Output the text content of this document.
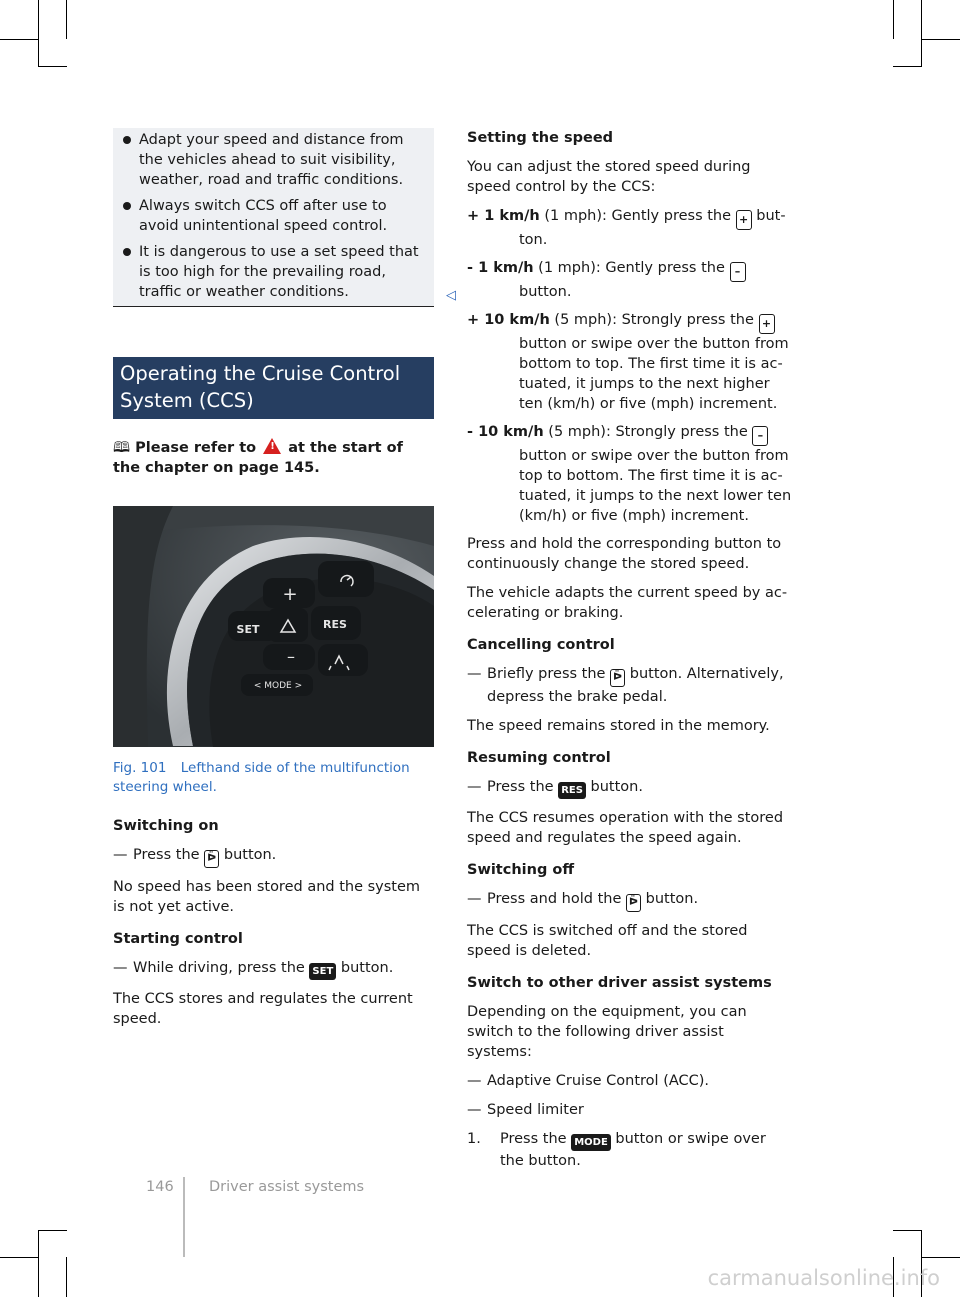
Adapt your speed and distance from the vehicles ahead to suit visibility, weather, road and traffic conditions.
Always switch CCS off after use to avoid unintentional speed control.
It is dangerous to use a set speed that is too high for the prevailing road, traffic or weather conditions.	◁
Operating the Cruise Control System (CCS)
🕮 Please refer to ! at the start of the chapter on page 145.
+
–
SET	RES
< MODE >
Fig. 101 Lefthand side of the multifunction steering wheel.
Switching on
— Press the ᐇ button.

No speed has been stored and the system is not yet active.

Starting control
— While driving, press the SET button.

The CCS stores and regulates the current speed.

Setting the speed

You can adjust the stored speed during speed control by the CCS:

+ 1 km/h (1 mph): Gently press the + button.
- 1 km/h (1 mph): Gently press the – button.
+ 10 km/h (5 mph): Strongly press the + button or swipe over the button from bottom to top. The first time it is actuated, it jumps to the next higher ten (km/h) or five (mph) increment.
- 10 km/h (5 mph): Strongly press the – button or swipe over the button from top to bottom. The first time it is actuated, it jumps to the next lower ten (km/h) or five (mph) increment.

Press and hold the corresponding button to continuously change the stored speed.

The vehicle adapts the current speed by accelerating or braking.

Cancelling control
— Briefly press the ᐇ button. Alternatively, depress the brake pedal.

The speed remains stored in the memory.

Resuming control
— Press the RES button.

The CCS resumes operation with the stored speed and regulates the speed again.

Switching off
— Press and hold the ᐇ button.

The CCS is switched off and the stored speed is deleted.

Switch to other driver assist systems

Depending on the equipment, you can switch to the following driver assist systems:

— Adaptive Cruise Control (ACC).
— Speed limiter
1. Press the MODE button or swipe over the button.
146 Driver assist systems
carmanualsonline.info
